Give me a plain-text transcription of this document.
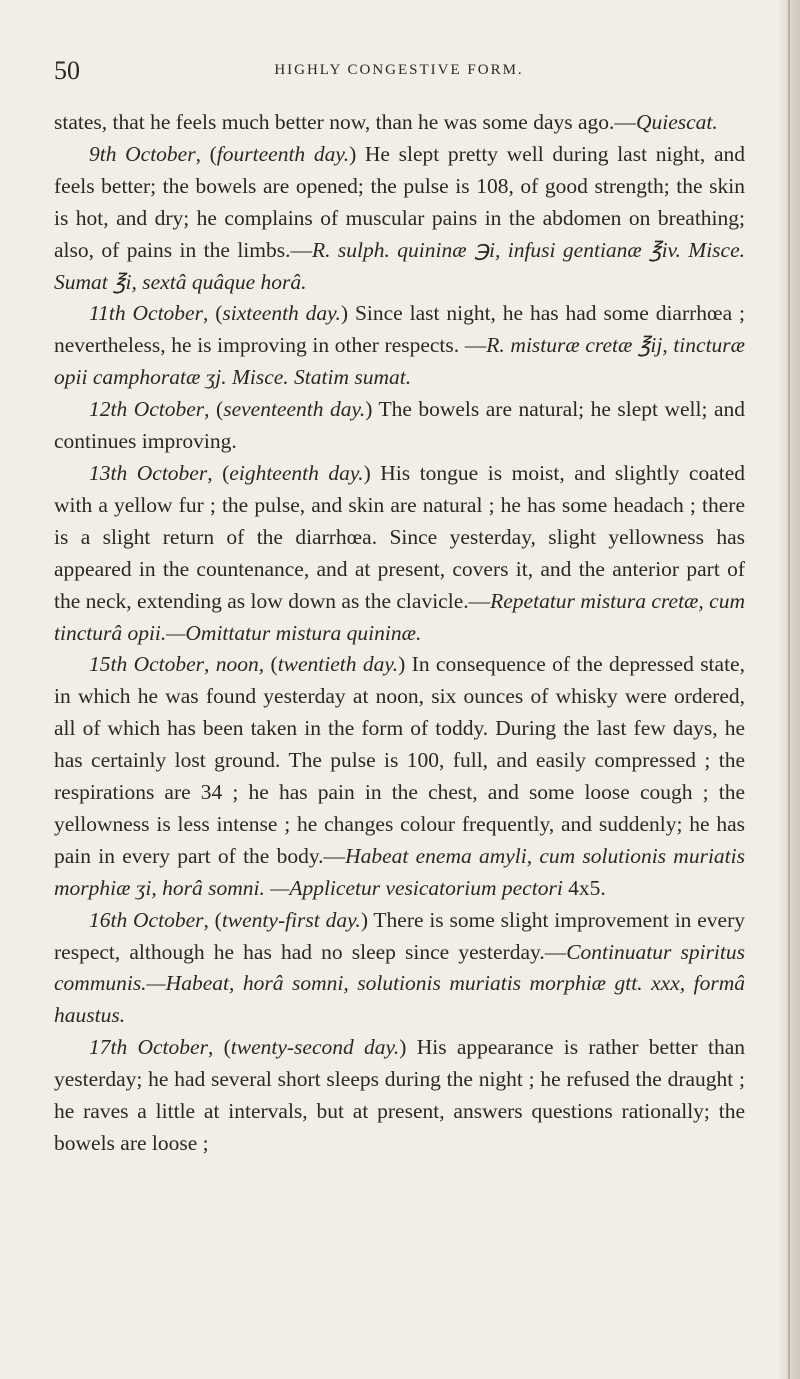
50	HIGHLY CONGESTIVE FORM.

states, that he feels much better now, than he was some days ago.—Quiescat.

9th October, (fourteenth day.) He slept pretty well during last night, and feels better; the bowels are opened; the pulse is 108, of good strength; the skin is hot, and dry; he complains of muscular pains in the abdomen on breathing; also, of pains in the limbs.—R. sulph. quininæ ℈i, infusi gentianæ ℥iv. Misce. Sumat ℥i, sextâ quâque horâ.

11th October, (sixteenth day.) Since last night, he has had some diarrhœa ; nevertheless, he is improving in other respects. —R. misturæ cretæ ℥ij, tincturæ opii camphoratæ ʒj. Misce. Statim sumat.

12th October, (seventeenth day.) The bowels are natural; he slept well; and continues improving.

13th October, (eighteenth day.) His tongue is moist, and slightly coated with a yellow fur ; the pulse, and skin are natural ; he has some headach ; there is a slight return of the diarrhœa. Since yesterday, slight yellowness has appeared in the countenance, and at present, covers it, and the anterior part of the neck, extending as low down as the clavicle.—Repetatur mistura cretæ, cum tincturâ opii.—Omittatur mistura quininæ.

15th October, noon, (twentieth day.) In consequence of the depressed state, in which he was found yesterday at noon, six ounces of whisky were ordered, all of which has been taken in the form of toddy. During the last few days, he has certainly lost ground. The pulse is 100, full, and easily compressed ; the respirations are 34 ; he has pain in the chest, and some loose cough ; the yellowness is less intense ; he changes colour frequently, and suddenly; he has pain in every part of the body.—Habeat enema amyli, cum solutionis muriatis morphiæ ʒi, horâ somni. —Applicetur vesicatorium pectori 4x5.

16th October, (twenty-first day.) There is some slight improvement in every respect, although he has had no sleep since yesterday.—Continuatur spiritus communis.—Habeat, horâ somni, solutionis muriatis morphiæ gtt. xxx, formâ haustus.

17th October, (twenty-second day.) His appearance is rather better than yesterday; he had several short sleeps during the night ; he refused the draught ; he raves a little at intervals, but at present, answers questions rationally; the bowels are loose ;
